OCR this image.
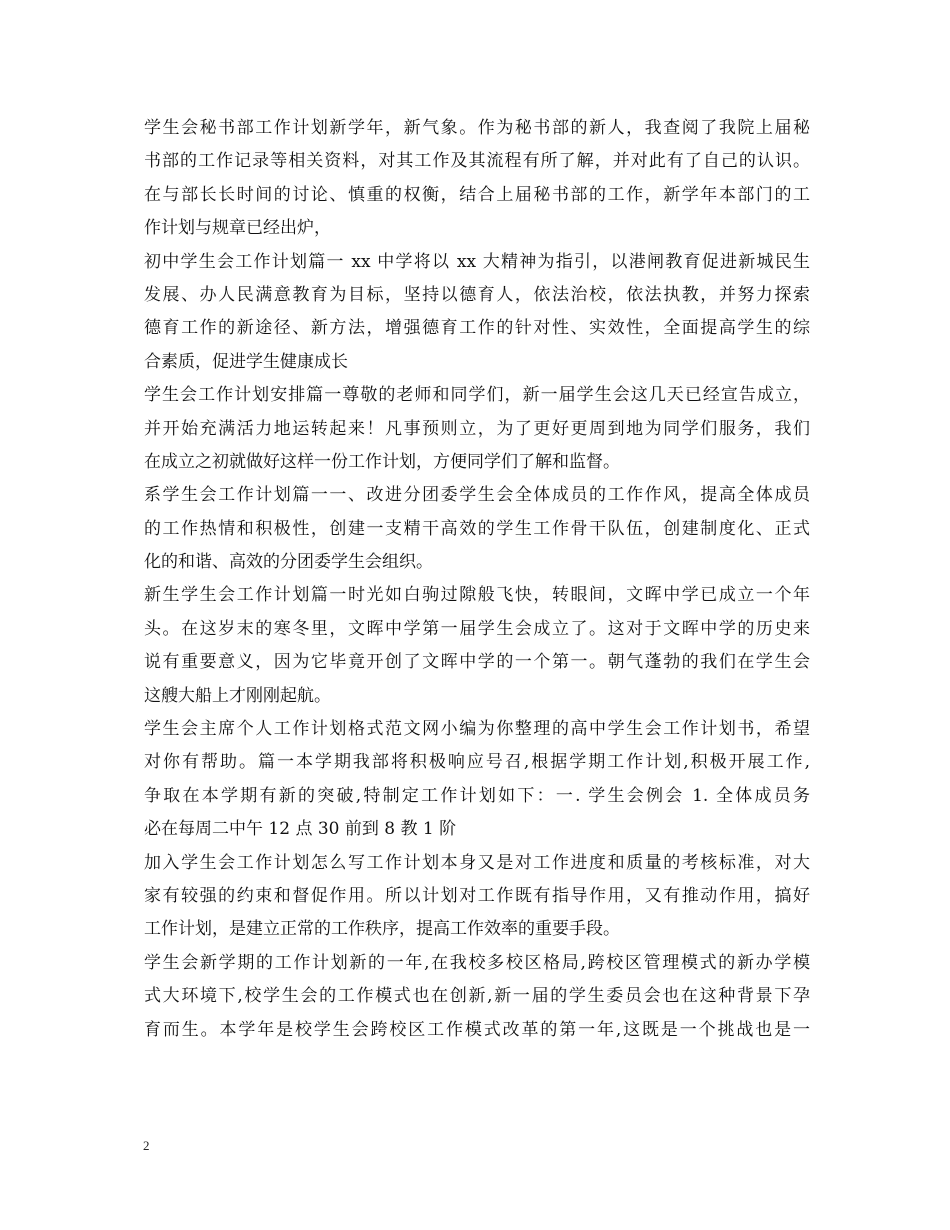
学生会秘书部工作计划新学年，新气象。作为秘书部的新人，我查阅了我院上届秘
书部的工作记录等相关资料，对其工作及其流程有所了解，并对此有了自己的认识。
在与部长长时间的讨论、慎重的权衡，结合上届秘书部的工作，新学年本部门的工
作计划与规章已经出炉，
初中学生会工作计划篇一 xx 中学将以 xx 大精神为指引，以港闸教育促进新城民生
发展、办人民满意教育为目标，坚持以德育人，依法治校，依法执教，并努力探索
德育工作的新途径、新方法，增强德育工作的针对性、实效性，全面提高学生的综
合素质，促进学生健康成长
学生会工作计划安排篇一尊敬的老师和同学们，新一届学生会这几天已经宣告成立，
并开始充满活力地运转起来！凡事预则立，为了更好更周到地为同学们服务，我们
在成立之初就做好这样一份工作计划，方便同学们了解和监督。
系学生会工作计划篇一一、改进分团委学生会全体成员的工作作风，提高全体成员
的工作热情和积极性，创建一支精干高效的学生工作骨干队伍，创建制度化、正式
化的和谐、高效的分团委学生会组织。
新生学生会工作计划篇一时光如白驹过隙般飞快，转眼间，文晖中学已成立一个年
头。在这岁末的寒冬里，文晖中学第一届学生会成立了。这对于文晖中学的历史来
说有重要意义，因为它毕竟开创了文晖中学的一个第一。朝气蓬勃的我们在学生会
这艘大船上才刚刚起航。
学生会主席个人工作计划格式范文网小编为你整理的高中学生会工作计划书，希望
对你有帮助。篇一本学期我部将积极响应号召,根据学期工作计划,积极开展工作,
争取在本学期有新的突破,特制定工作计划如下：一. 学生会例会 1. 全体成员务
必在每周二中午 12 点 30 前到 8 教 1 阶
加入学生会工作计划怎么写工作计划本身又是对工作进度和质量的考核标准，对大
家有较强的约束和督促作用。所以计划对工作既有指导作用，又有推动作用，搞好
工作计划，是建立正常的工作秩序，提高工作效率的重要手段。
学生会新学期的工作计划新的一年,在我校多校区格局,跨校区管理模式的新办学模
式大环境下,校学生会的工作模式也在创新,新一届的学生委员会也在这种背景下孕
育而生。本学年是校学生会跨校区工作模式改革的第一年,这既是一个挑战也是一
2
